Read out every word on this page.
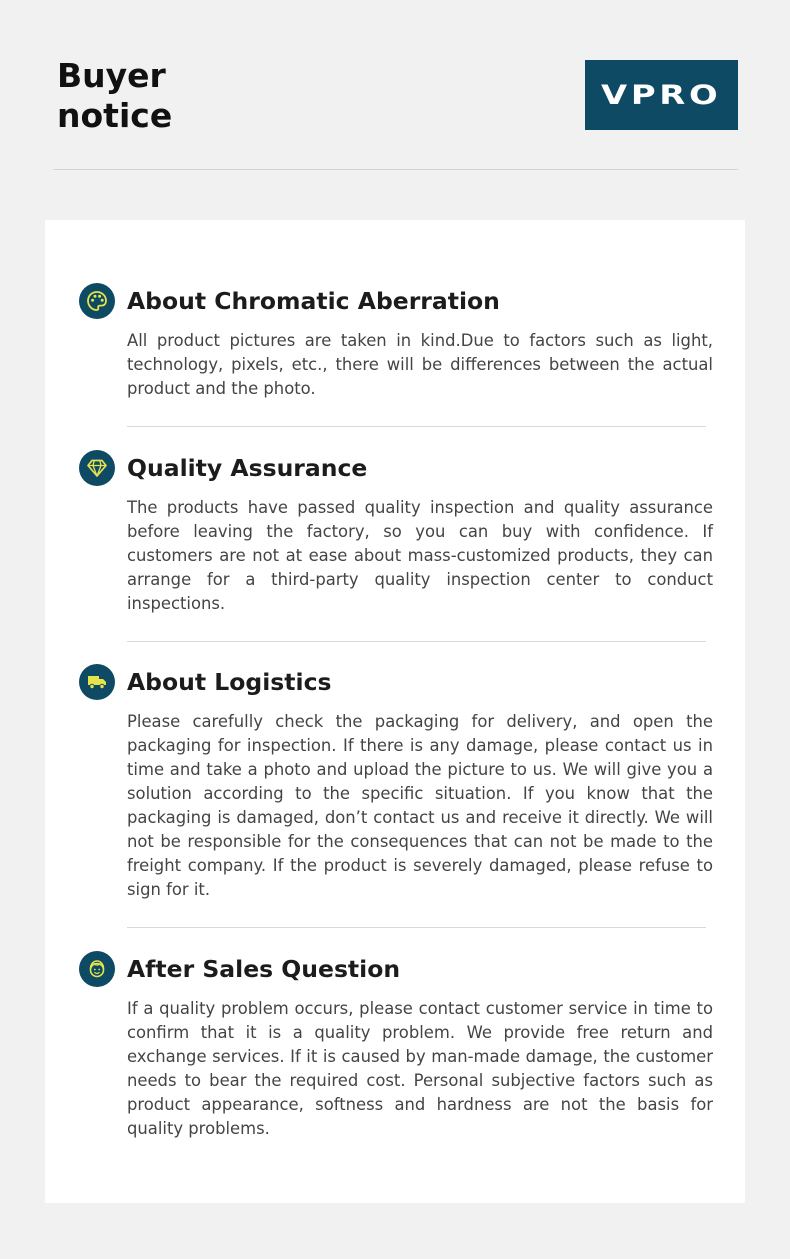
Buyer
notice
VPRO
About Chromatic Aberration

All product pictures are taken in kind.Due to factors such as light, technology, pixels, etc., there will be differences between the actual product and the photo.

Quality Assurance

The products have passed quality inspection and quality assurance before leaving the factory, so you can buy with confidence. If customers are not at ease about mass-customized products, they can arrange for a third-party quality inspection center to conduct inspections.

About Logistics

Please carefully check the packaging for delivery, and open the packaging for inspection. If there is any damage, please contact us in time and take a photo and upload the picture to us. We will give you a solution according to the specific situation. If you know that the packaging is damaged, don’t contact us and receive it directly. We will not be responsible for the consequences that can not be made to the freight company. If the product is severely damaged, please refuse to sign for it.

After Sales Question

If a quality problem occurs, please contact customer service in time to confirm that it is a quality problem. We provide free return and exchange services. If it is caused by man-made damage, the customer needs to bear the required cost. Personal subjective factors such as product appearance, softness and hardness are not the basis for quality problems.
